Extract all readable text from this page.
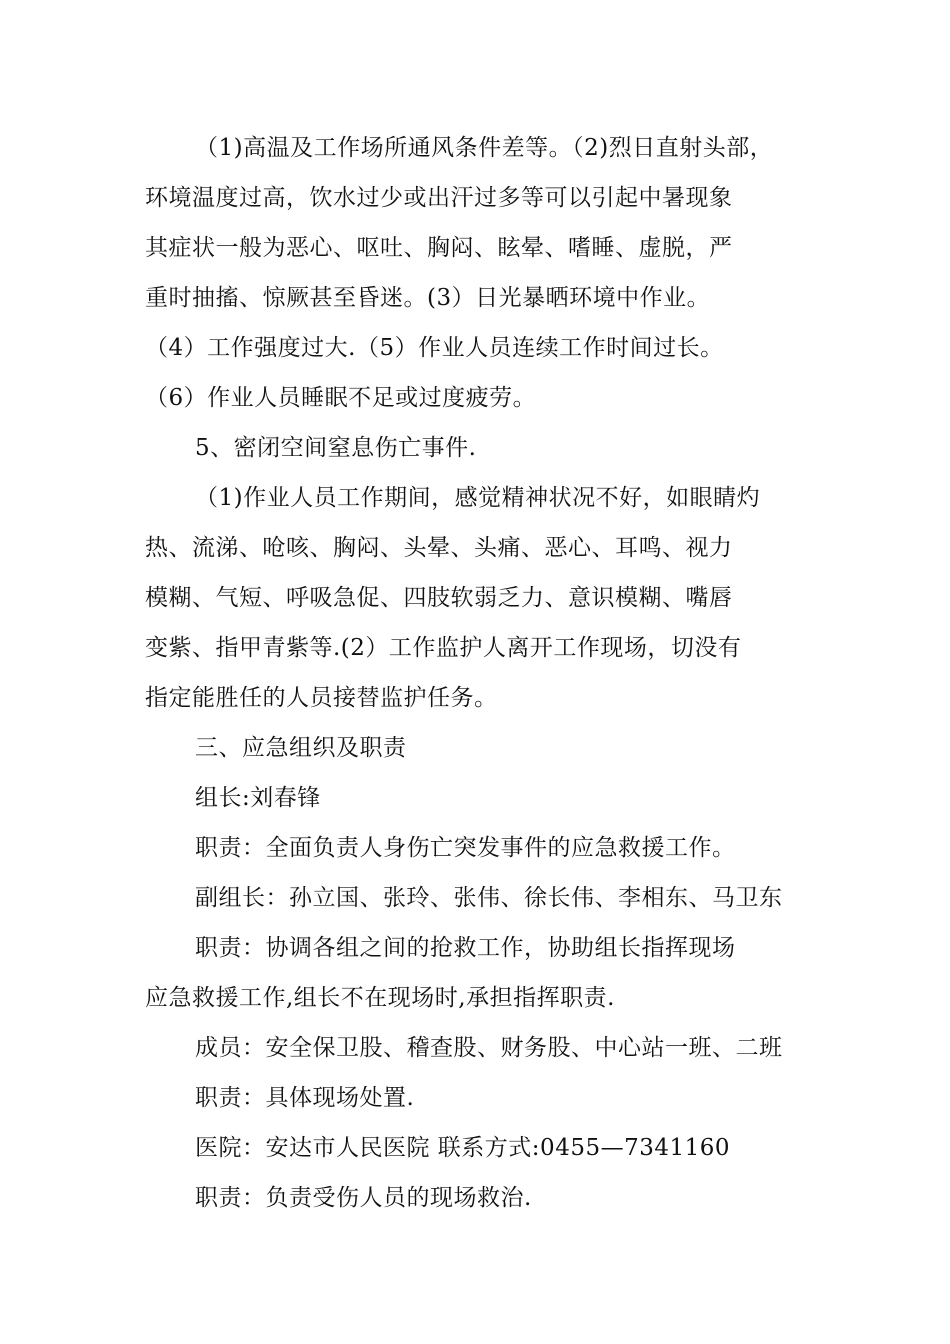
（1)高温及工作场所通风条件差等。（2)烈日直射头部，
环境温度过高，饮水过少或出汗过多等可以引起中暑现象
其症状一般为恶心、呕吐、胸闷、眩晕、嗜睡、虚脱，严
重时抽搐、惊厥甚至昏迷。(3）日光暴晒环境中作业。
（4）工作强度过大.（5）作业人员连续工作时间过长。
（6）作业人员睡眠不足或过度疲劳。
5、密闭空间窒息伤亡事件.
（1)作业人员工作期间，感觉精神状况不好，如眼睛灼
热、流涕、呛咳、胸闷、头晕、头痛、恶心、耳鸣、视力
模糊、气短、呼吸急促、四肢软弱乏力、意识模糊、嘴唇
变紫、指甲青紫等.(2）工作监护人离开工作现场，切没有
指定能胜任的人员接替监护任务。
三、应急组织及职责
组长:刘春锋
职责：全面负责人身伤亡突发事件的应急救援工作。
副组长：孙立国、张玲、张伟、徐长伟、李相东、马卫东
职责：协调各组之间的抢救工作，协助组长指挥现场
应急救援工作,组长不在现场时,承担指挥职责.
成员：安全保卫股、稽查股、财务股、中心站一班、二班
职责：具体现场处置.
医院：安达市人民医院 联系方式:0455—7341160
职责：负责受伤人员的现场救治.
